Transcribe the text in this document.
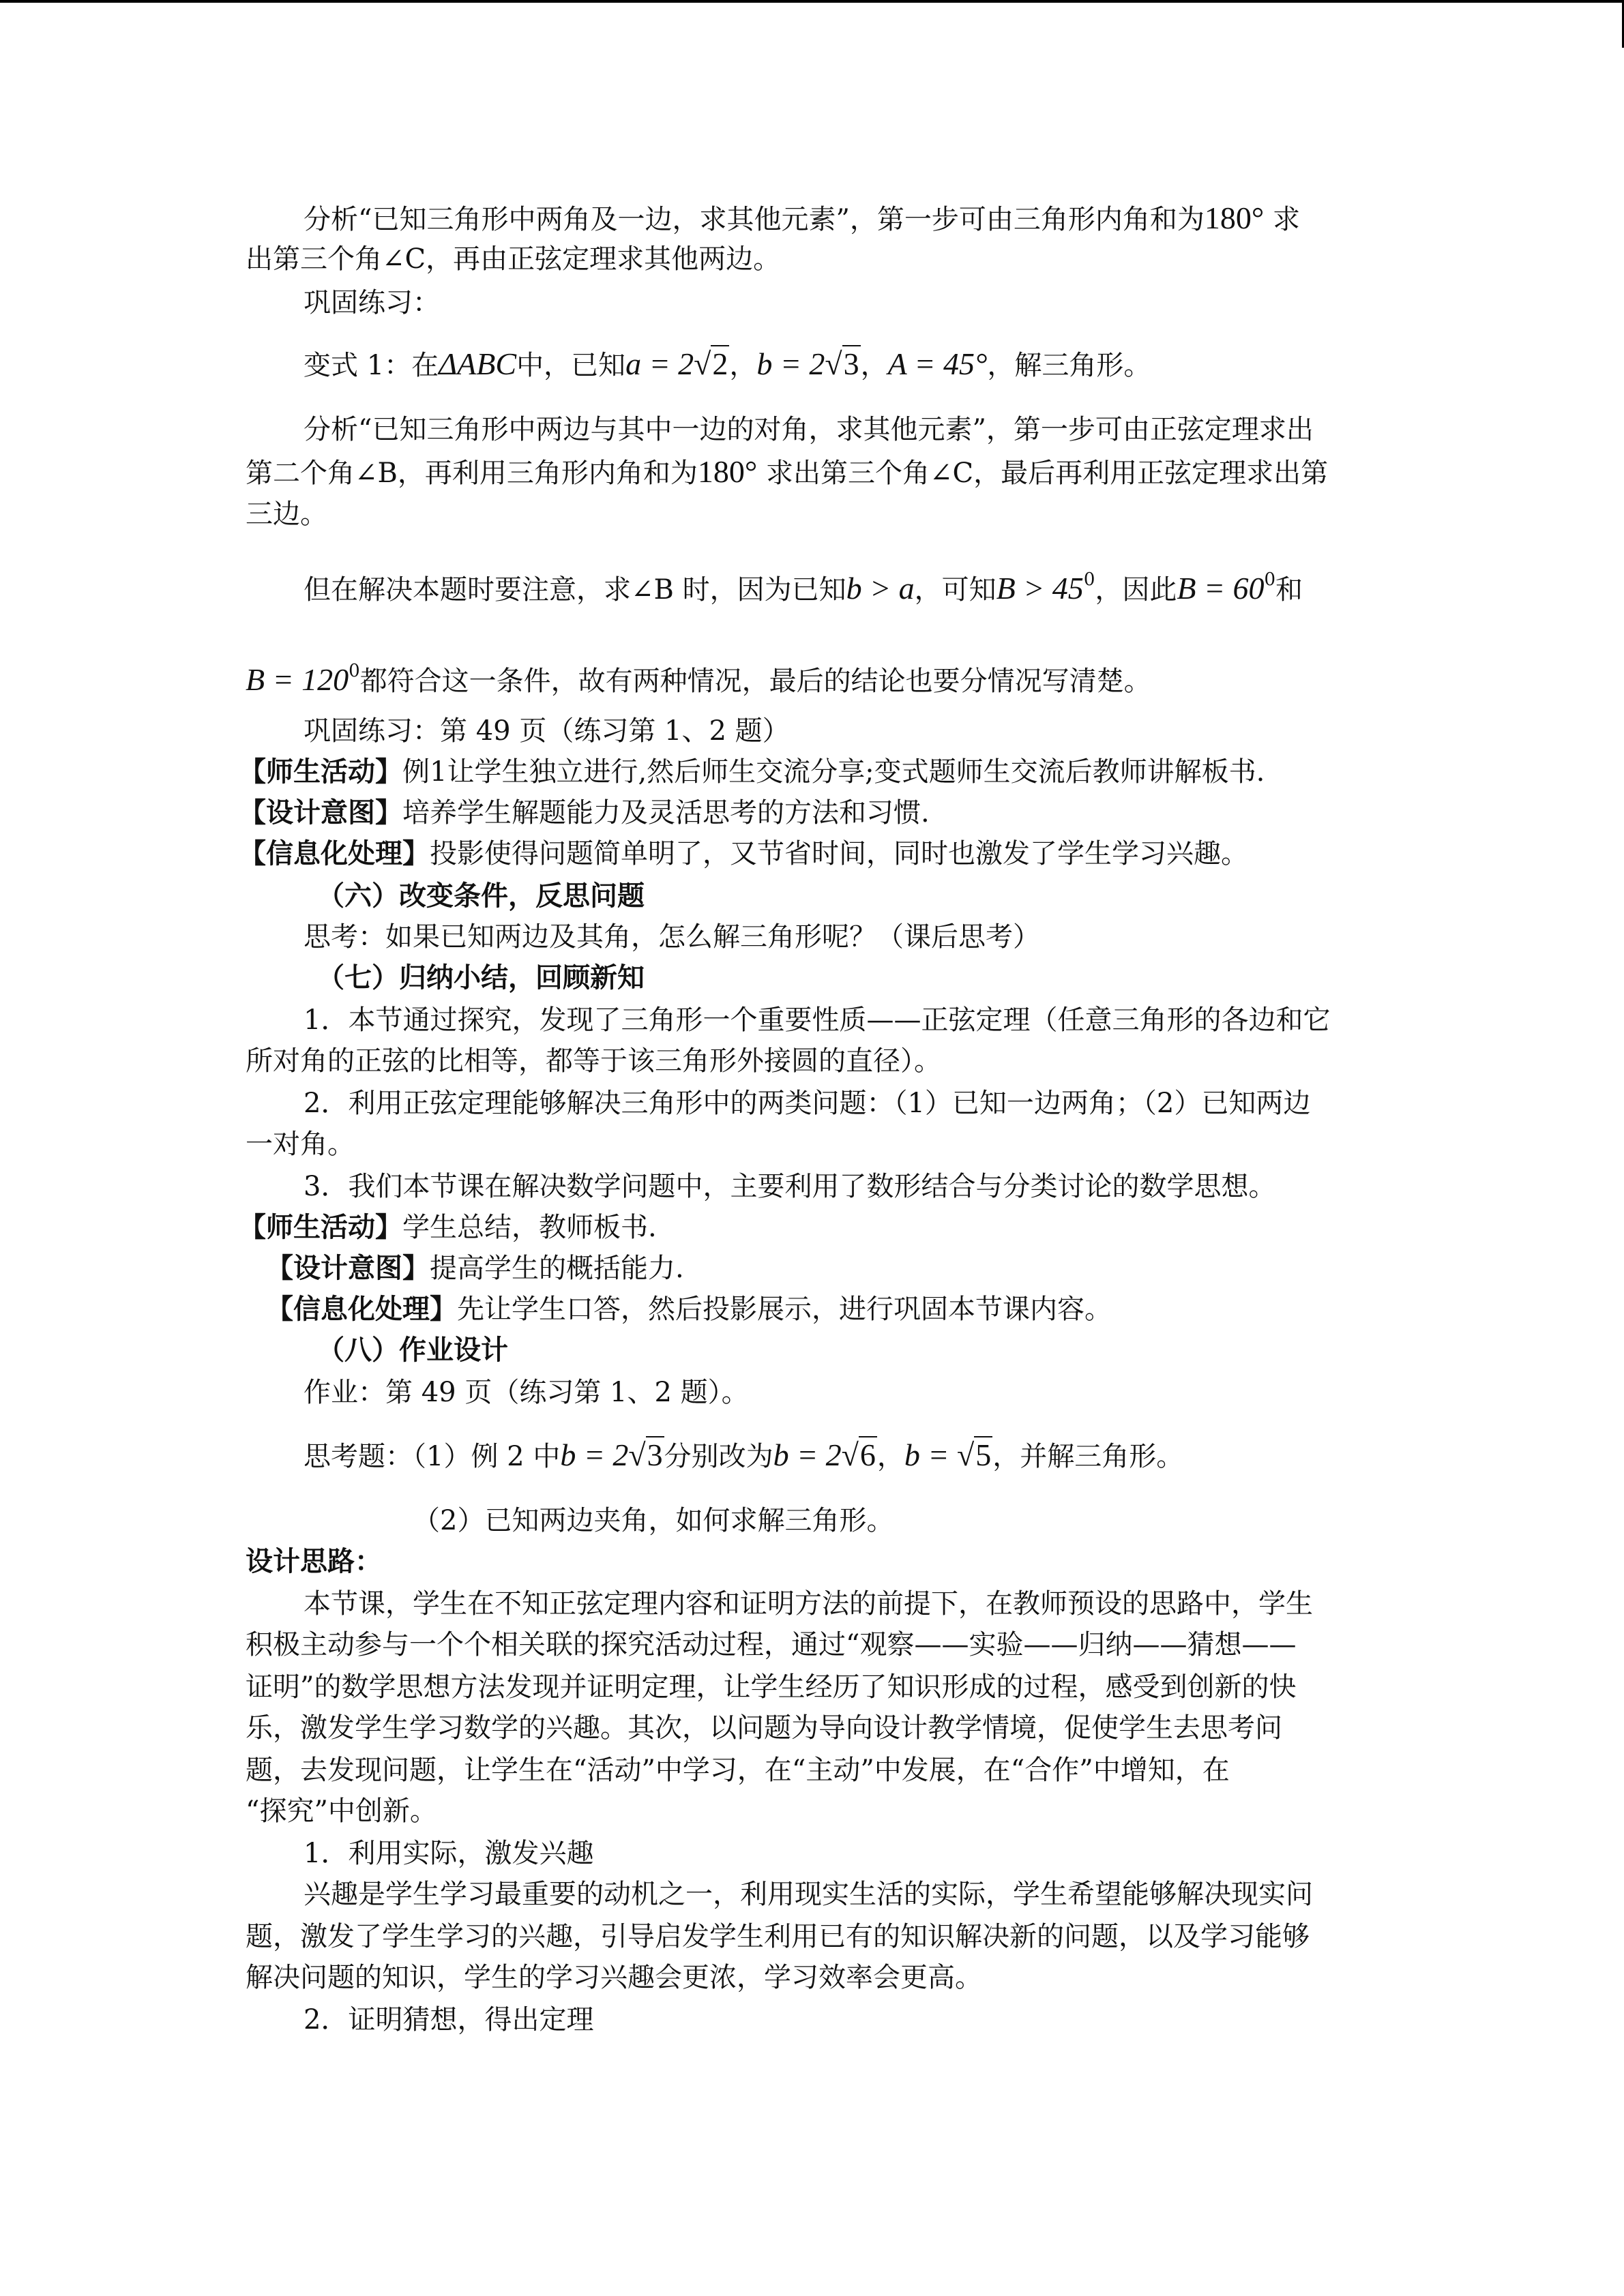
分析“已知三角形中两角及一边，求其他元素”，第一步可由三角形内角和为180° 求
出第三个角∠C，再由正弦定理求其他两边。
巩固练习：
变式 1：在ΔABC中，已知a = 2√2，b = 2√3，A = 45°，解三角形。
分析“已知三角形中两边与其中一边的对角，求其他元素”，第一步可由正弦定理求出
第二个角∠B，再利用三角形内角和为180° 求出第三个角∠C，最后再利用正弦定理求出第
三边。
但在解决本题时要注意，求∠B 时，因为已知b > a，可知$B > 45^0$，因此$B = 60^0$和
$B = 120^0$都符合这一条件，故有两种情况，最后的结论也要分情况写清楚。
巩固练习：第 49 页（练习第 1、2 题）
【师生活动】例1让学生独立进行,然后师生交流分享;变式题师生交流后教师讲解板书.
【设计意图】培养学生解题能力及灵活思考的方法和习惯.
【信息化处理】投影使得问题简单明了，又节省时间，同时也激发了学生学习兴趣。
（六）改变条件，反思问题
思考：如果已知两边及其角，怎么解三角形呢？（课后思考）
（七）归纳小结，回顾新知
1．本节通过探究，发现了三角形一个重要性质——正弦定理（任意三角形的各边和它
所对角的正弦的比相等，都等于该三角形外接圆的直径）。
2．利用正弦定理能够解决三角形中的两类问题：（1）已知一边两角；（2）已知两边
一对角。
3．我们本节课在解决数学问题中，主要利用了数形结合与分类讨论的数学思想。
【师生活动】学生总结，教师板书.
【设计意图】提高学生的概括能力.
【信息化处理】先让学生口答，然后投影展示，进行巩固本节课内容。
（八）作业设计
作业：第 49 页（练习第 1、2 题）。
思考题：（1）例 2 中b = 2√3分别改为b = 2√6，b = √5，并解三角形。
（2）已知两边夹角，如何求解三角形。
设计思路：
本节课，学生在不知正弦定理内容和证明方法的前提下，在教师预设的思路中，学生
积极主动参与一个个相关联的探究活动过程，通过“观察——实验——归纳——猜想——
证明”的数学思想方法发现并证明定理，让学生经历了知识形成的过程，感受到创新的快
乐，激发学生学习数学的兴趣。其次，以问题为导向设计教学情境，促使学生去思考问
题，去发现问题，让学生在“活动”中学习，在“主动”中发展，在“合作”中增知，在
“探究”中创新。
1．利用实际，激发兴趣
兴趣是学生学习最重要的动机之一，利用现实生活的实际，学生希望能够解决现实问
题，激发了学生学习的兴趣，引导启发学生利用已有的知识解决新的问题，以及学习能够
解决问题的知识，学生的学习兴趣会更浓，学习效率会更高。
2．证明猜想，得出定理
